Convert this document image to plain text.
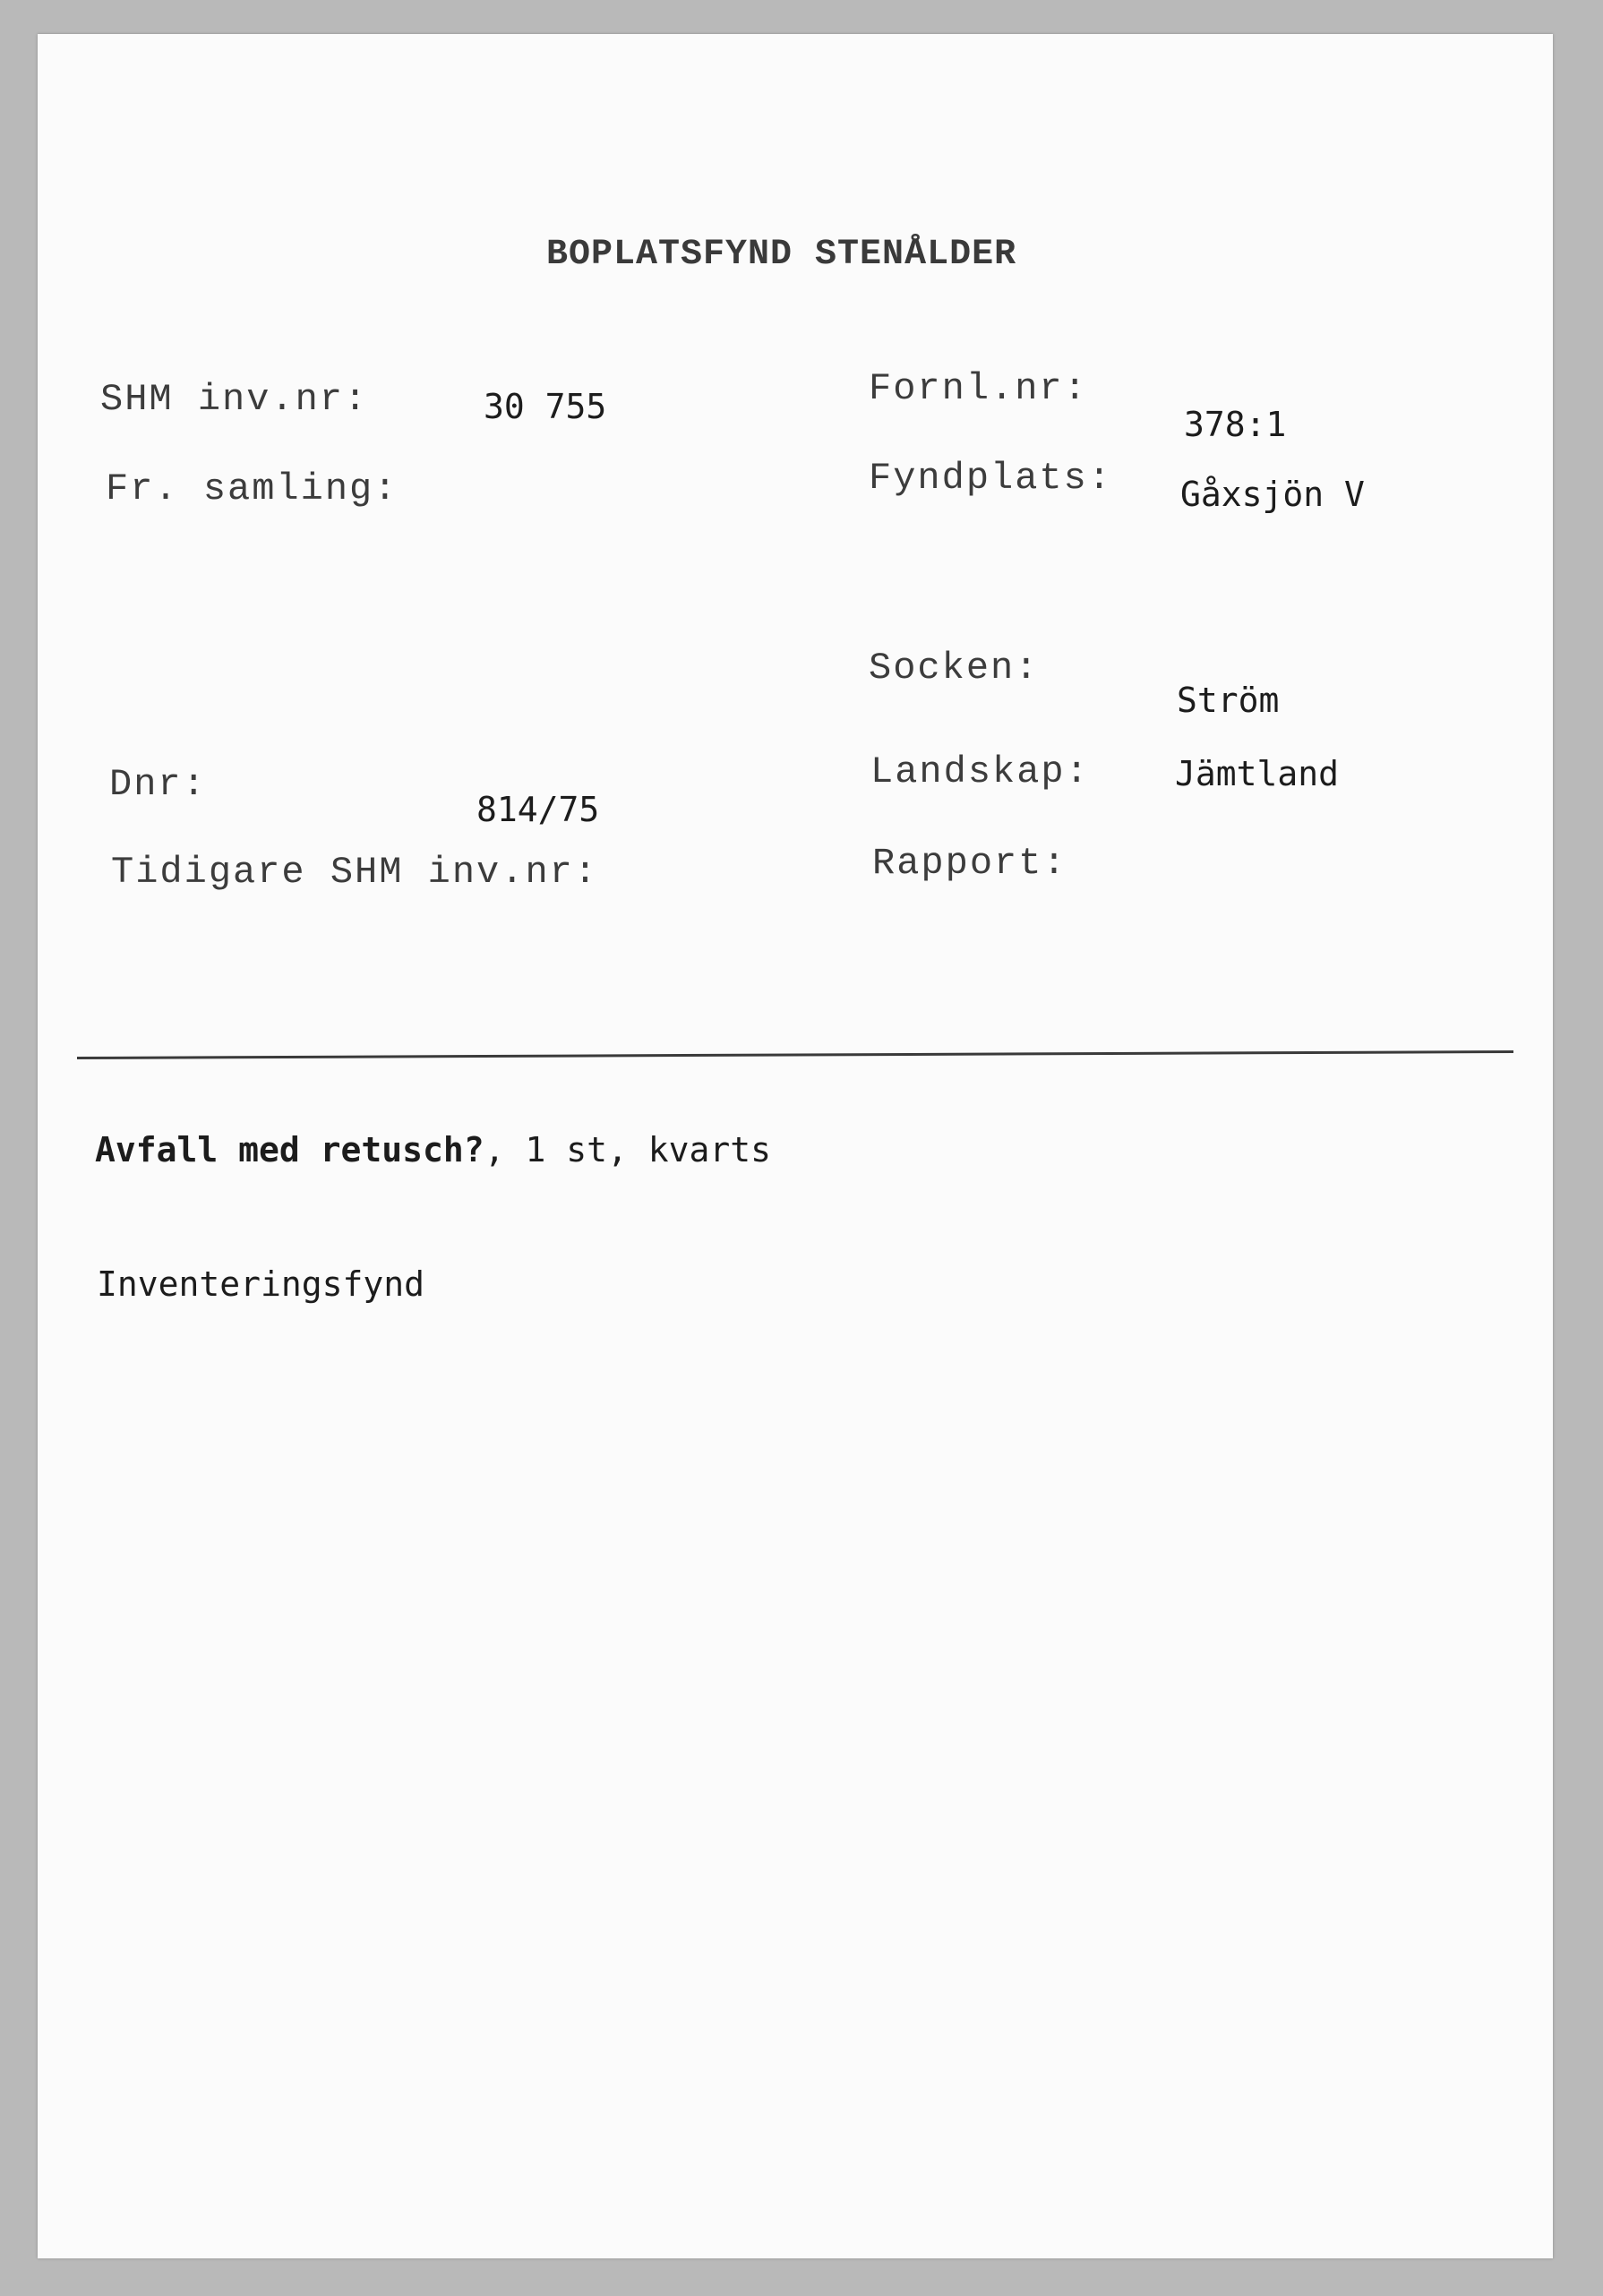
BOPLATSFYND STENÅLDER
SHM inv.nr:	30 755
Fr. samling:
Dnr:
814/75
Tidigare SHM inv.nr:
Fornl.nr:
378:1
Fyndplats: Gåxsjön V
Socken:
Ström
Landskap:	Jämtland
Rapport:
Avfall med retusch?, 1 st, kvarts
Inventeringsfynd
